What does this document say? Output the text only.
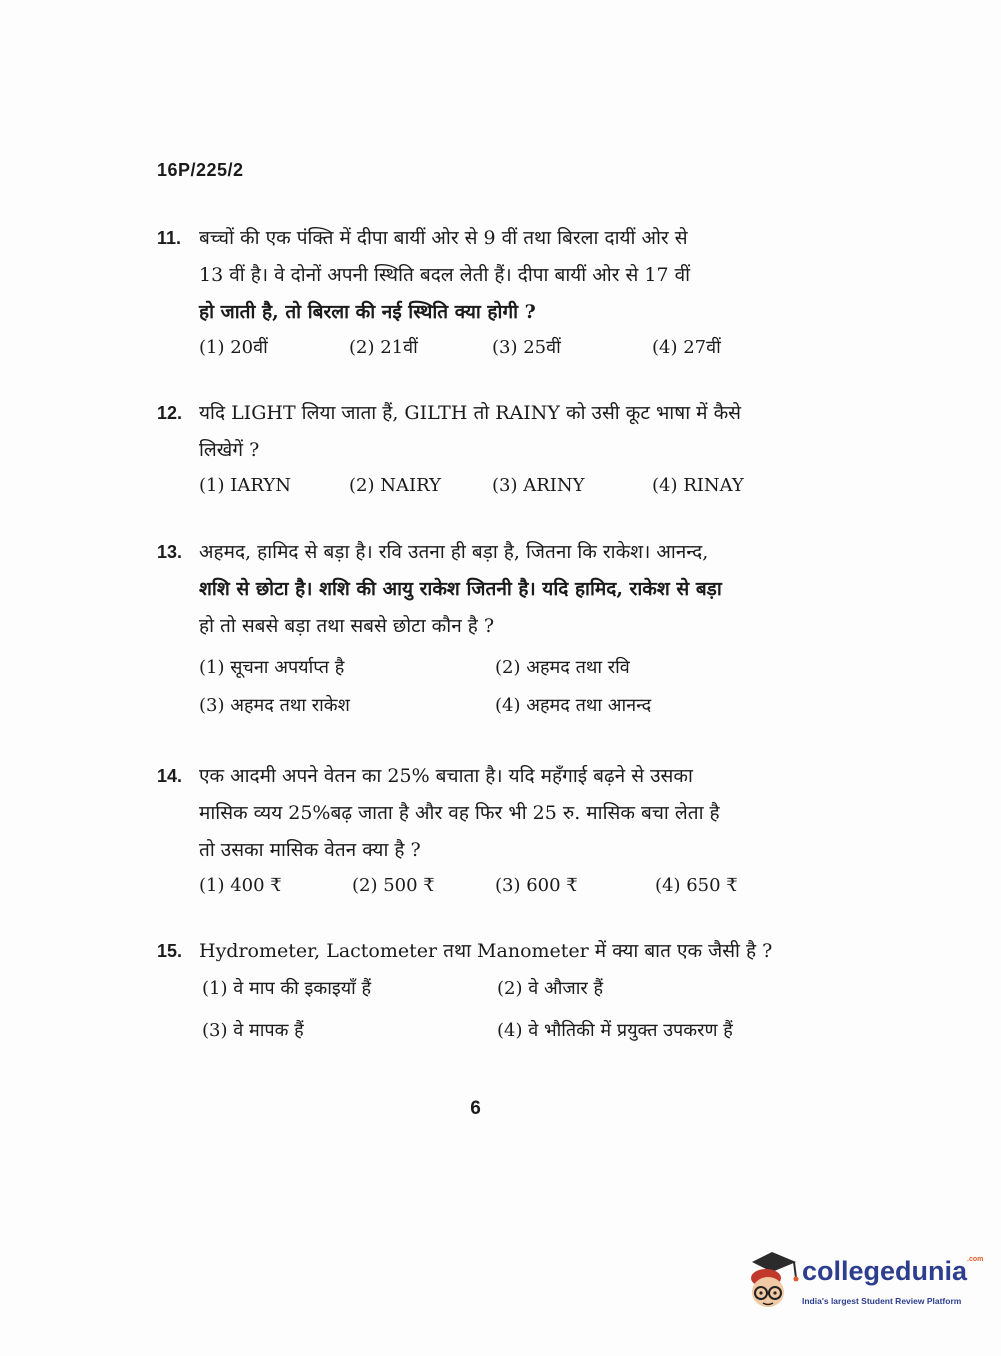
16P/225/2
11. बच्चों की एक पंक्ति में दीपा बायीं ओर से 9 वीं तथा बिरला दायीं ओर से
13 वीं है। वे दोनों अपनी स्थिति बदल लेती हैं। दीपा बायीं ओर से 17 वीं
हो जाती है, तो बिरला की नई स्थिति क्या होगी ?
(1) 20वीं	(2) 21वीं	(3) 25वीं	(4) 27वीं
12. यदि LIGHT लिया जाता हैं, GILTH तो RAINY को उसी कूट भाषा में कैसे
लिखेगें ?
(1) IARYN	(2) NAIRY	(3) ARINY	(4) RINAY
13. अहमद, हामिद से बड़ा है। रवि उतना ही बड़ा है, जितना कि राकेश। आनन्द,
शशि से छोटा है। शशि की आयु राकेश जितनी है। यदि हामिद, राकेश से बड़ा
हो तो सबसे बड़ा तथा सबसे छोटा कौन है ?
(1) सूचना अपर्याप्त है	(2) अहमद तथा रवि
(3) अहमद तथा राकेश	(4) अहमद तथा आनन्द
14. एक आदमी अपने वेतन का 25% बचाता है। यदि महँगाई बढ़ने से उसका
मासिक व्यय 25%बढ़ जाता है और वह फिर भी 25 रु. मासिक बचा लेता है
तो उसका मासिक वेतन क्या है ?
(1) 400 ₹	(2) 500 ₹	(3) 600 ₹	(4) 650 ₹
15. Hydrometer, Lactometer तथा Manometer में क्या बात एक जैसी है ?
(1) वे माप की इकाइयाँ हैं	(2) वे औजार हैं
(3) वे मापक हैं	(4) वे भौतिकी में प्रयुक्त उपकरण हैं
6
collegedunia$^{.com}$
India's largest Student Review Platform
